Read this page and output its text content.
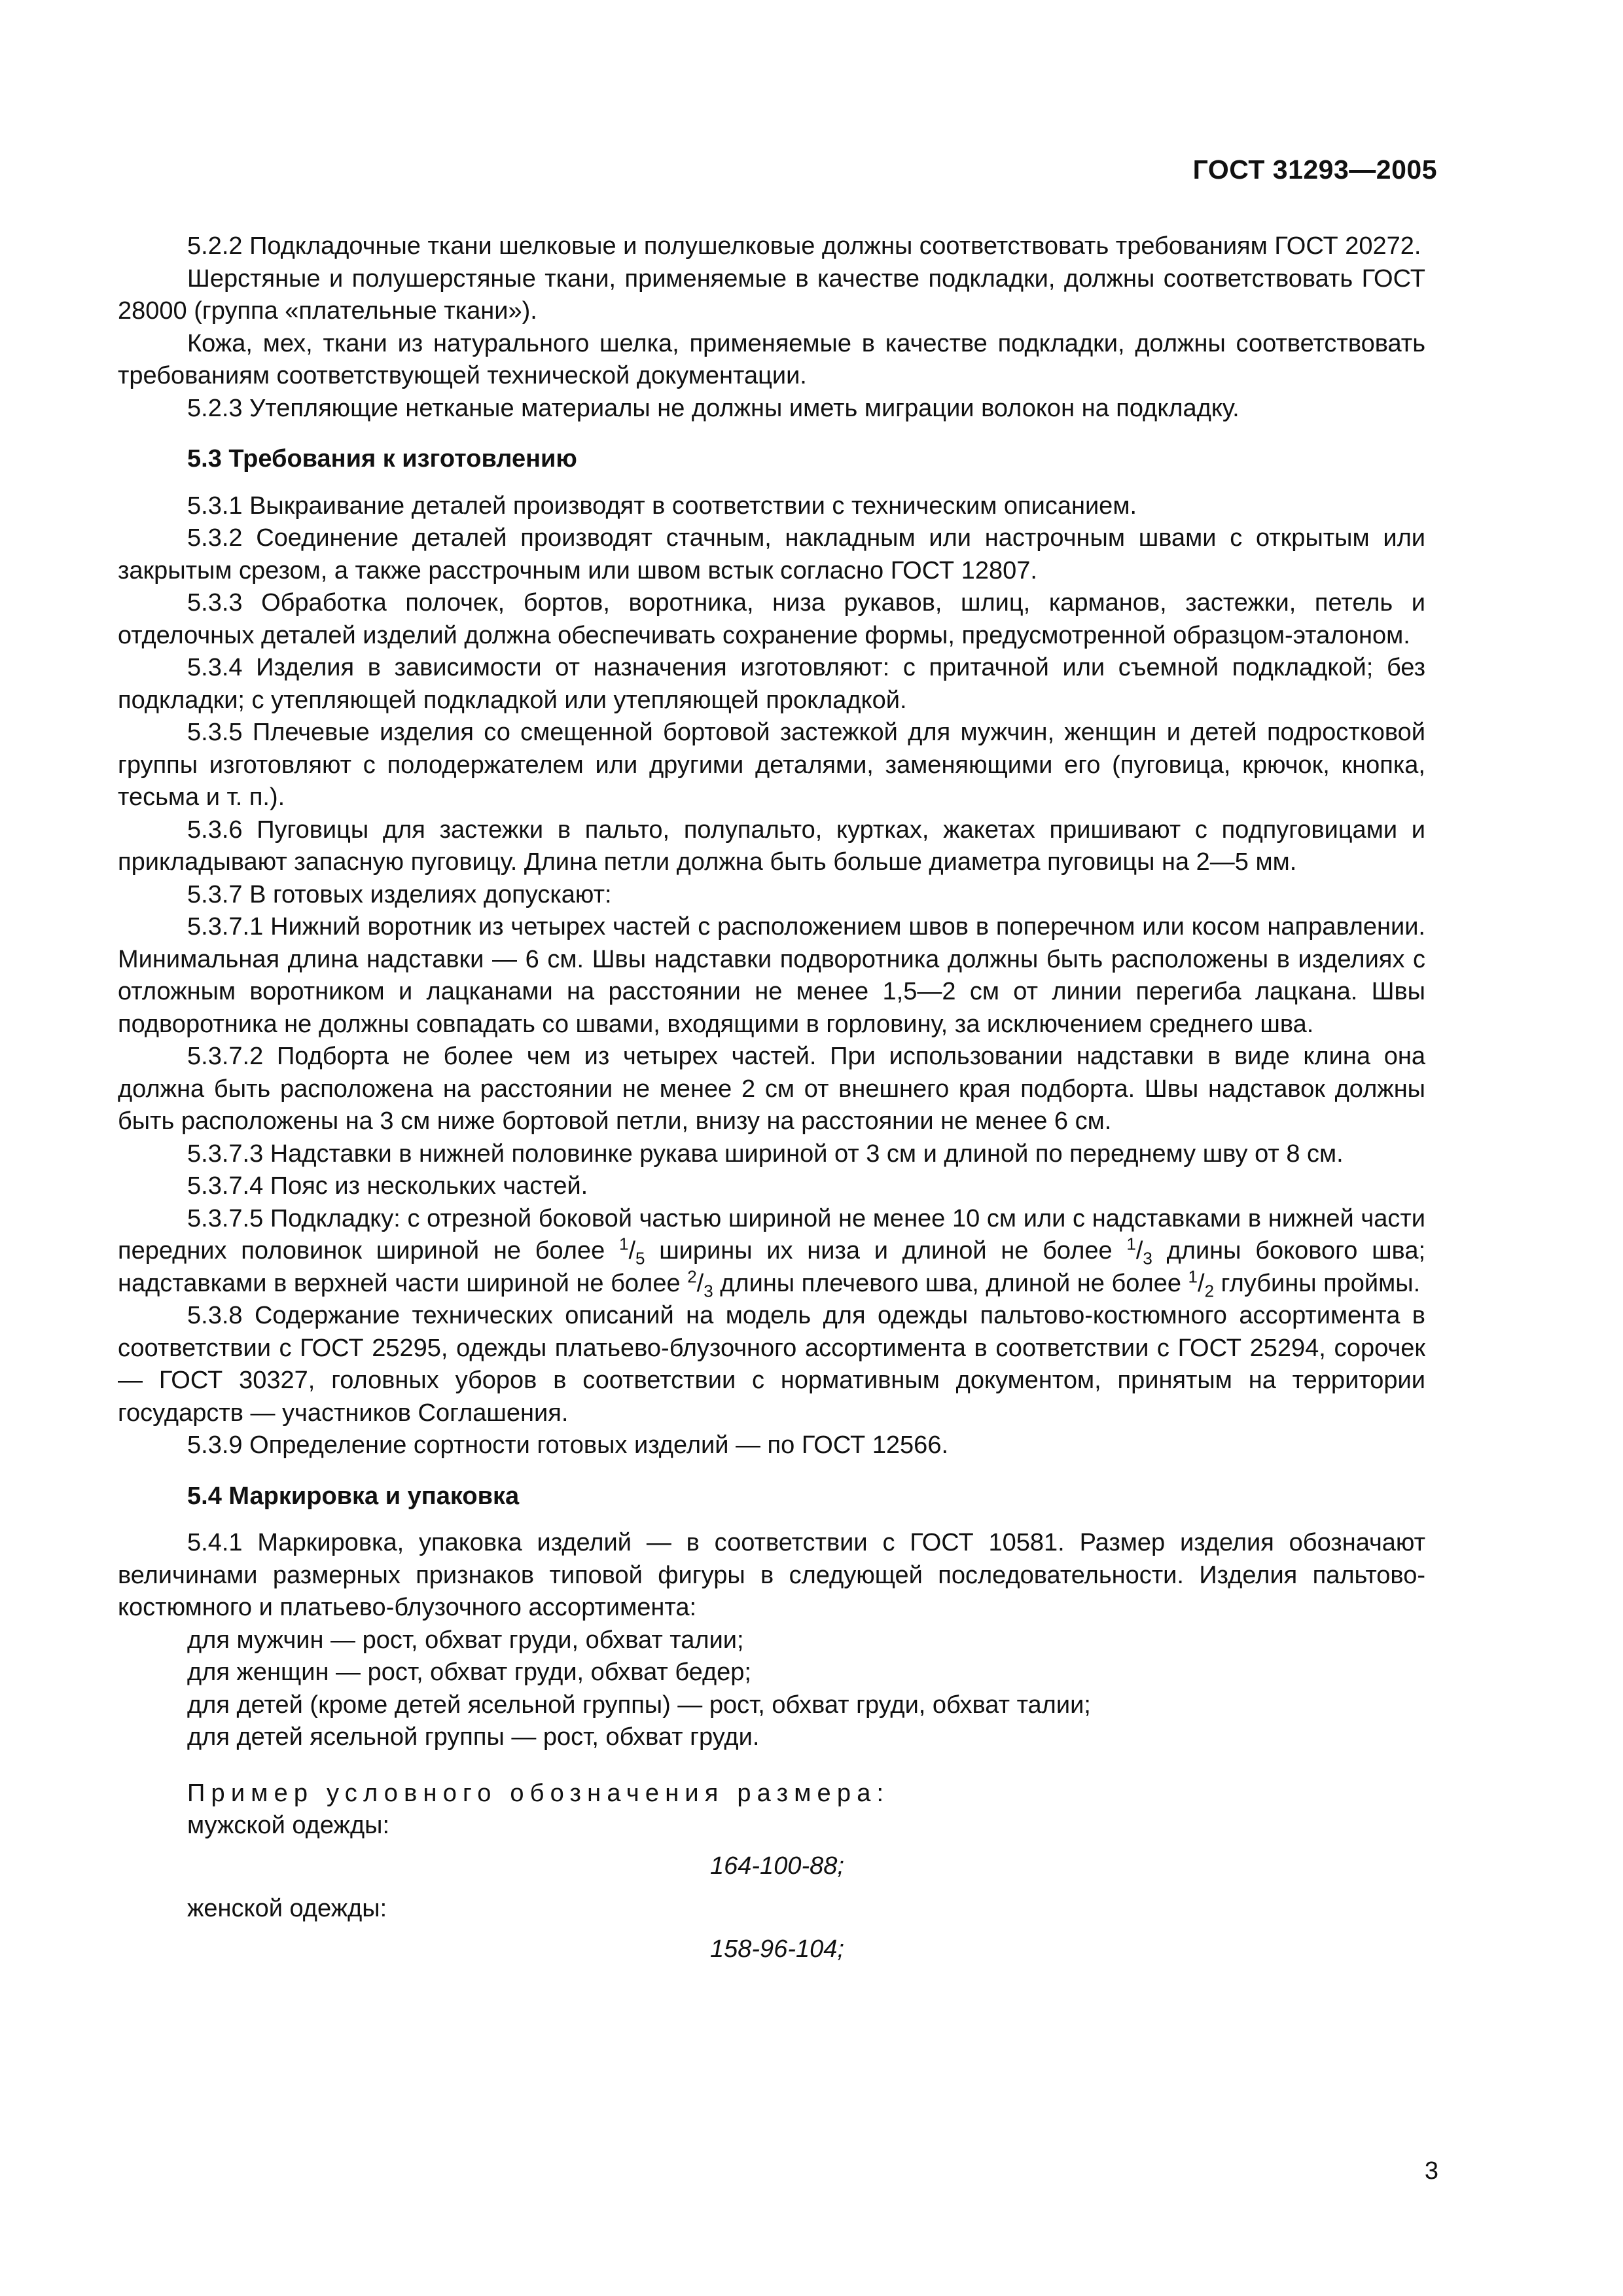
ГОСТ 31293—2005

5.2.2 Подкладочные ткани шелковые и полушелковые должны соответствовать требованиям ГОСТ 20272.

Шерстяные и полушерстяные ткани, применяемые в качестве подкладки, должны соответствовать ГОСТ 28000 (группа «плательные ткани»).

Кожа, мех, ткани из натурального шелка, применяемые в качестве подкладки, должны соответствовать требованиям соответствующей технической документации.

5.2.3 Утепляющие нетканые материалы не должны иметь миграции волокон на подкладку.

5.3 Требования к изготовлению

5.3.1 Выкраивание деталей производят в соответствии с техническим описанием.

5.3.2 Соединение деталей производят стачным, накладным или настрочным швами с открытым или закрытым срезом, а также расстрочным или швом встык согласно ГОСТ 12807.

5.3.3 Обработка полочек, бортов, воротника, низа рукавов, шлиц, карманов, застежки, петель и отделочных деталей изделий должна обеспечивать сохранение формы, предусмотренной образцом-эталоном.

5.3.4 Изделия в зависимости от назначения изготовляют: с притачной или съемной подкладкой; без подкладки; с утепляющей подкладкой или утепляющей прокладкой.

5.3.5 Плечевые изделия со смещенной бортовой застежкой для мужчин, женщин и детей подростковой группы изготовляют с полодержателем или другими деталями, заменяющими его (пуговица, крючок, кнопка, тесьма и т. п.).

5.3.6 Пуговицы для застежки в пальто, полупальто, куртках, жакетах пришивают с подпуговицами и прикладывают запасную пуговицу. Длина петли должна быть больше диаметра пуговицы на 2—5 мм.

5.3.7 В готовых изделиях допускают:

5.3.7.1 Нижний воротник из четырех частей с расположением швов в поперечном или косом направлении. Минимальная длина надставки — 6 см. Швы надставки подворотника должны быть расположены в изделиях с отложным воротником и лацканами на расстоянии не менее 1,5—2 см от линии перегиба лацкана. Швы подворотника не должны совпадать со швами, входящими в горловину, за исключением среднего шва.

5.3.7.2 Подборта не более чем из четырех частей. При использовании надставки в виде клина она должна быть расположена на расстоянии не менее 2 см от внешнего края подборта. Швы надставок должны быть расположены на 3 см ниже бортовой петли, внизу на расстоянии не менее 6 см.

5.3.7.3 Надставки в нижней половинке рукава шириной от 3 см и длиной по переднему шву от 8 см.

5.3.7.4 Пояс из нескольких частей.

5.3.7.5 Подкладку: с отрезной боковой частью шириной не менее 10 см или с надставками в нижней части передних половинок шириной не более $^1/_5$ ширины их низа и длиной не более $^1/_3$ длины бокового шва; надставками в верхней части шириной не более $^2/_3$ длины плечевого шва, длиной не более $^1/_2$ глубины проймы.

5.3.8 Содержание технических описаний на модель для одежды пальтово-костюмного ассортимента в соответствии с ГОСТ 25295, одежды платьево-блузочного ассортимента в соответствии с ГОСТ 25294, сорочек — ГОСТ 30327, головных уборов в соответствии с нормативным документом, принятым на территории государств — участников Соглашения.

5.3.9 Определение сортности готовых изделий — по ГОСТ 12566.

5.4 Маркировка и упаковка

5.4.1 Маркировка, упаковка изделий — в соответствии с ГОСТ 10581. Размер изделия обозначают величинами размерных признаков типовой фигуры в следующей последовательности. Изделия пальтово-костюмного и платьево-блузочного ассортимента:

для мужчин — рост, обхват груди, обхват талии;
для женщин — рост, обхват груди, обхват бедер;
для детей (кроме детей ясельной группы) — рост, обхват груди, обхват талии;
для детей ясельной группы — рост, обхват груди.
Пример условного обозначения размера:
мужской одежды:
164-100-88;
женской одежды:
158-96-104;
3
